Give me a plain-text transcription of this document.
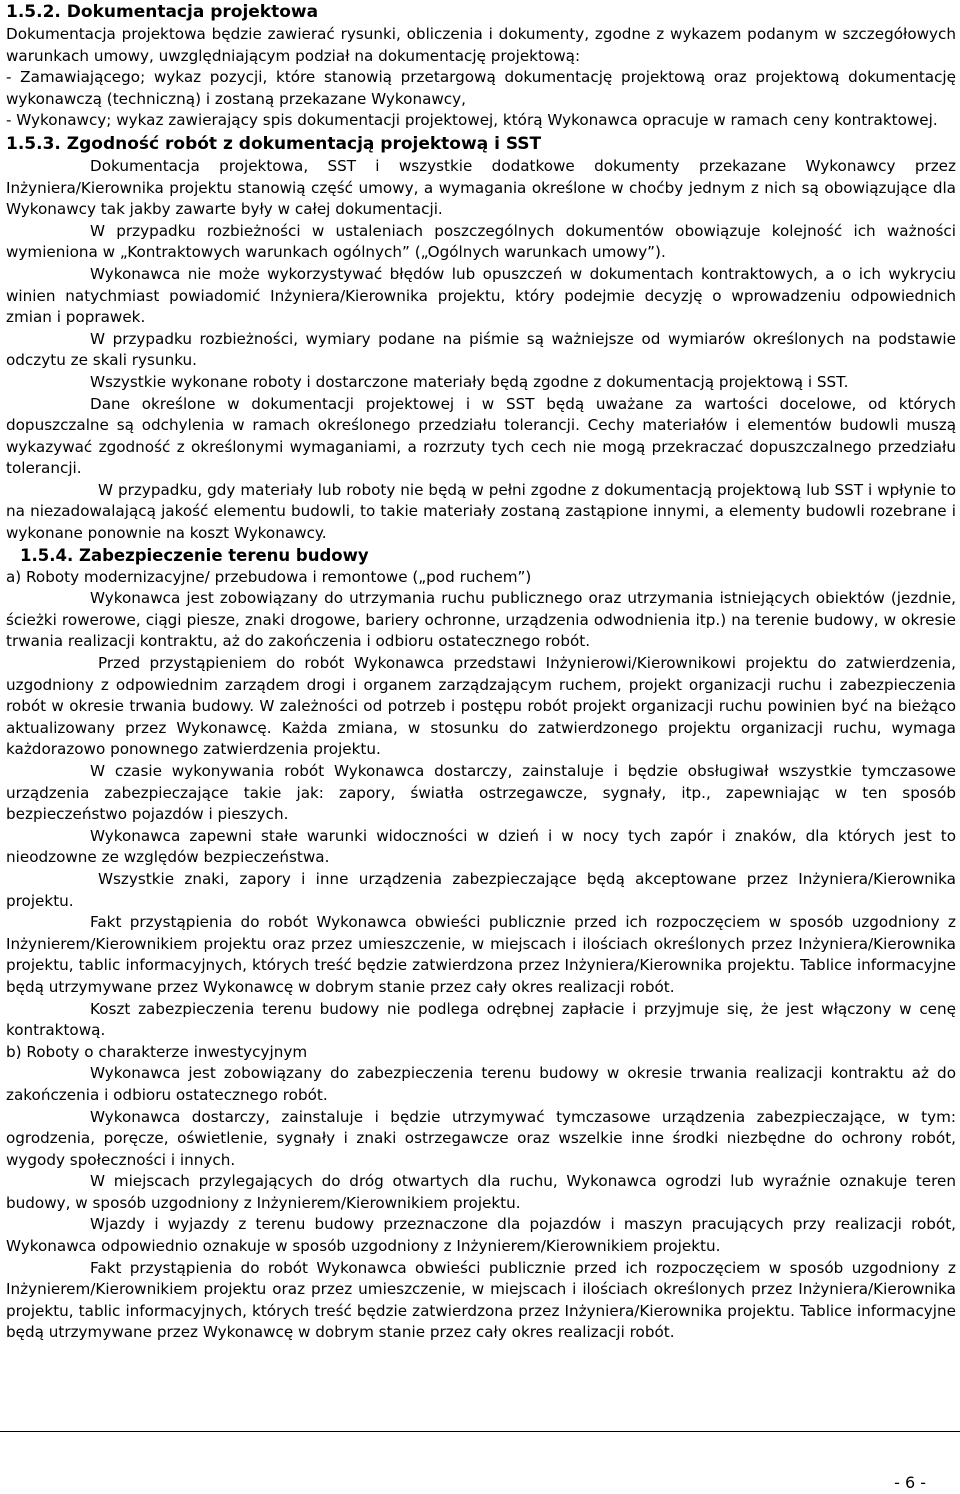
1.5.2. Dokumentacja projektowa

Dokumentacja projektowa będzie zawierać rysunki, obliczenia i dokumenty, zgodne z wykazem podanym w szczegółowych warunkach umowy, uwzględniającym podział na dokumentację projektową:

- Zamawiającego; wykaz pozycji, które stanowią przetargową dokumentację projektową oraz projektową dokumentację wykonawczą (techniczną) i zostaną przekazane Wykonawcy,

- Wykonawcy; wykaz zawierający spis dokumentacji projektowej, którą Wykonawca opracuje w ramach ceny kontraktowej.

1.5.3. Zgodność robót z dokumentacją projektową i SST

Dokumentacja projektowa, SST i wszystkie dodatkowe dokumenty przekazane Wykonawcy przez Inżyniera/Kierownika projektu stanowią część umowy, a wymagania określone w choćby jednym z nich są obowiązujące dla Wykonawcy tak jakby zawarte były w całej dokumentacji.

W przypadku rozbieżności w ustaleniach poszczególnych dokumentów obowiązuje kolejność ich ważności wymieniona w „Kontraktowych warunkach ogólnych” („Ogólnych warunkach umowy”).

Wykonawca nie może wykorzystywać błędów lub opuszczeń w dokumentach kontraktowych, a o ich wykryciu winien natychmiast powiadomić Inżyniera/Kierownika projektu, który podejmie decyzję o wprowadzeniu odpowiednich zmian i poprawek.

W przypadku rozbieżności, wymiary podane na piśmie są ważniejsze od wymiarów określonych na podstawie odczytu ze skali rysunku.

Wszystkie wykonane roboty i dostarczone materiały będą zgodne z dokumentacją projektową i SST.

Dane określone w dokumentacji projektowej i w SST będą uważane za wartości docelowe, od których dopuszczalne są odchylenia w ramach określonego przedziału tolerancji. Cechy materiałów i elementów budowli muszą wykazywać zgodność z określonymi wymaganiami, a rozrzuty tych cech nie mogą przekraczać dopuszczalnego przedziału tolerancji.

W przypadku, gdy materiały lub roboty nie będą w pełni zgodne z dokumentacją projektową lub SST i wpłynie to na niezadowalającą jakość elementu budowli, to takie materiały zostaną zastąpione innymi, a elementy budowli rozebrane i wykonane ponownie na koszt Wykonawcy.

1.5.4. Zabezpieczenie terenu budowy

a) Roboty modernizacyjne/ przebudowa i remontowe („pod ruchem”)

Wykonawca jest zobowiązany do utrzymania ruchu publicznego oraz utrzymania istniejących obiektów (jezdnie, ścieżki rowerowe, ciągi piesze, znaki drogowe, bariery ochronne, urządzenia odwodnienia itp.) na terenie budowy, w okresie trwania realizacji kontraktu, aż do zakończenia i odbioru ostatecznego robót.

Przed przystąpieniem do robót Wykonawca przedstawi Inżynierowi/Kierownikowi projektu do zatwierdzenia, uzgodniony z odpowiednim zarządem drogi i organem zarządzającym ruchem, projekt organizacji ruchu i zabezpieczenia robót w okresie trwania budowy. W zależności od potrzeb i postępu robót projekt organizacji ruchu powinien być na bieżąco aktualizowany przez Wykonawcę. Każda zmiana, w stosunku do zatwierdzonego projektu organizacji ruchu, wymaga każdorazowo ponownego zatwierdzenia projektu.

W czasie wykonywania robót Wykonawca dostarczy, zainstaluje i będzie obsługiwał wszystkie tymczasowe urządzenia zabezpieczające takie jak: zapory, światła ostrzegawcze, sygnały, itp., zapewniając w ten sposób bezpieczeństwo pojazdów i pieszych.

Wykonawca zapewni stałe warunki widoczności w dzień i w nocy tych zapór i znaków, dla których jest to nieodzowne ze względów bezpieczeństwa.

Wszystkie znaki, zapory i inne urządzenia zabezpieczające będą akceptowane przez Inżyniera/Kierownika projektu.

Fakt przystąpienia do robót Wykonawca obwieści publicznie przed ich rozpoczęciem w sposób uzgodniony z Inżynierem/Kierownikiem projektu oraz przez umieszczenie, w miejscach i ilościach określonych przez Inżyniera/Kierownika projektu, tablic informacyjnych, których treść będzie zatwierdzona przez Inżyniera/Kierownika projektu. Tablice informacyjne będą utrzymywane przez Wykonawcę w dobrym stanie przez cały okres realizacji robót.

Koszt zabezpieczenia terenu budowy nie podlega odrębnej zapłacie i przyjmuje się, że jest włączony w cenę kontraktową.

b) Roboty o charakterze inwestycyjnym

Wykonawca jest zobowiązany do zabezpieczenia terenu budowy w okresie trwania realizacji kontraktu aż do zakończenia i odbioru ostatecznego robót.

Wykonawca dostarczy, zainstaluje i będzie utrzymywać tymczasowe urządzenia zabezpieczające, w tym: ogrodzenia, poręcze, oświetlenie, sygnały i znaki ostrzegawcze oraz wszelkie inne środki niezbędne do ochrony robót, wygody społeczności i innych.

W miejscach przylegających do dróg otwartych dla ruchu, Wykonawca ogrodzi lub wyraźnie oznakuje teren budowy, w sposób uzgodniony z Inżynierem/Kierownikiem projektu.

Wjazdy i wyjazdy z terenu budowy przeznaczone dla pojazdów i maszyn pracujących przy realizacji robót, Wykonawca odpowiednio oznakuje w sposób uzgodniony z Inżynierem/Kierownikiem projektu.

Fakt przystąpienia do robót Wykonawca obwieści publicznie przed ich rozpoczęciem w sposób uzgodniony z Inżynierem/Kierownikiem projektu oraz przez umieszczenie, w miejscach i ilościach określonych przez Inżyniera/Kierownika projektu, tablic informacyjnych, których treść będzie zatwierdzona przez Inżyniera/Kierownika projektu. Tablice informacyjne będą utrzymywane przez Wykonawcę w dobrym stanie przez cały okres realizacji robót.

- 6 -
